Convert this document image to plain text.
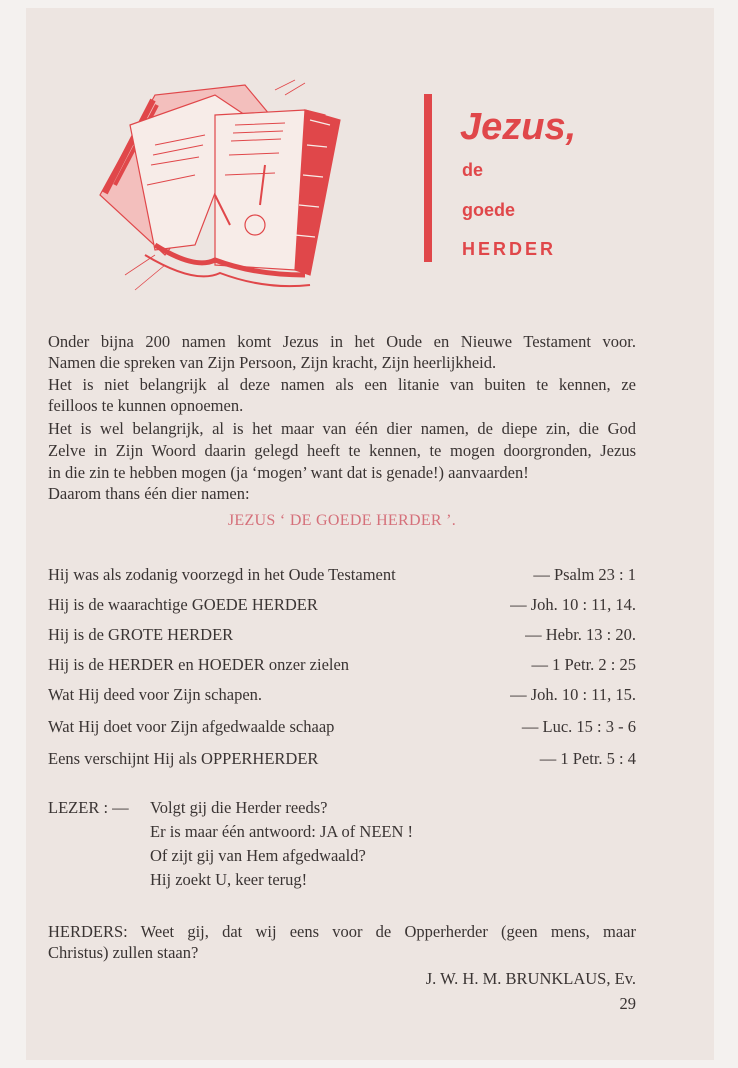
Jezus,
de
goede
HERDER
Onder bijna 200 namen komt Jezus in het Oude en Nieuwe Testament voor.
Namen die spreken van Zijn Persoon, Zijn kracht, Zijn heerlijkheid.
Het is niet belangrijk al deze namen als een litanie van buiten te kennen, ze
feilloos te kunnen opnoemen.
Het is wel belangrijk, al is het maar van één dier namen, de diepe zin, die God
Zelve in Zijn Woord daarin gelegd heeft te kennen, te mogen doorgronden, Jezus
in die zin te hebben mogen (ja ‘mogen’ want dat is genade!) aanvaarden!
Daarom thans één dier namen:
JEZUS ‘ DE GOEDE HERDER ’.
Hij was als zodanig voorzegd in het Oude Testament	— Psalm 23 : 1
Hij is de waarachtige GOEDE HERDER	— Joh. 10 : 11, 14.
Hij is de GROTE HERDER	— Hebr. 13 : 20.
Hij is de HERDER en HOEDER onzer zielen	— 1 Petr. 2 : 25
Wat Hij deed voor Zijn schapen.	— Joh. 10 : 11, 15.
Wat Hij doet voor Zijn afgedwaalde schaap	— Luc. 15 : 3 - 6
Eens verschijnt Hij als OPPERHERDER	— 1 Petr. 5 : 4
LEZER : — Volgt gij die Herder reeds?
Er is maar één antwoord: JA of NEEN !
Of zijt gij van Hem afgedwaald?
Hij zoekt U, keer terug!
HERDERS: Weet gij, dat wij eens voor de Opperherder (geen mens, maar
Christus) zullen staan?
J. W. H. M. BRUNKLAUS, Ev.
29
